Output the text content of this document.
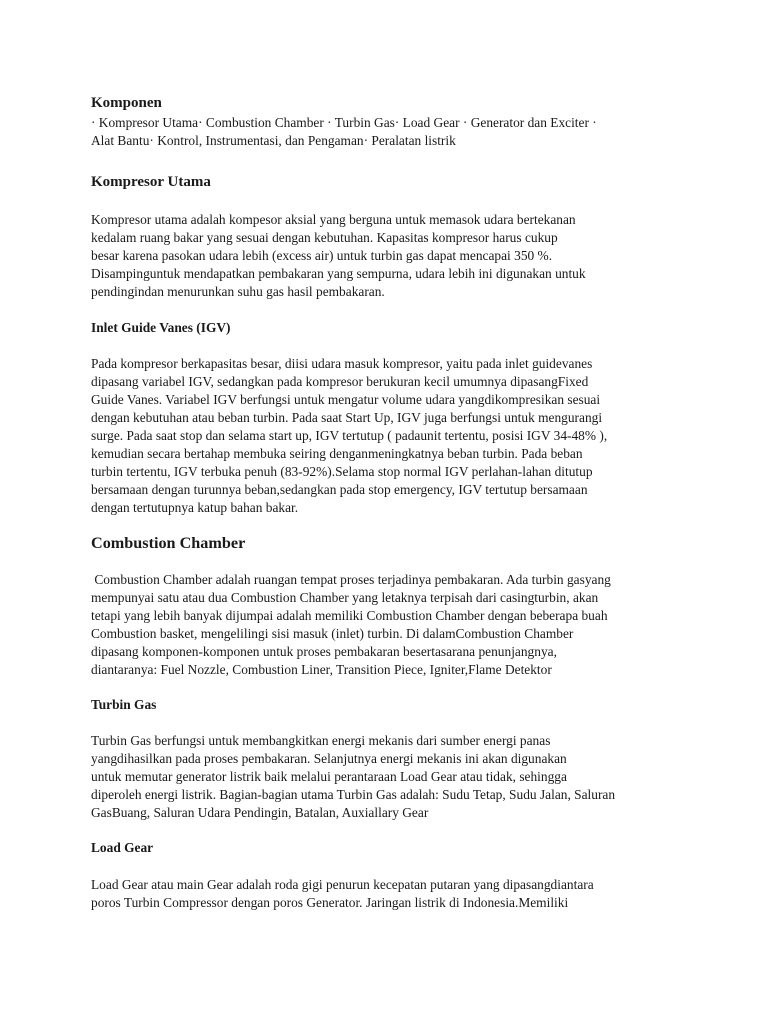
Komponen
· Kompresor Utama· Combustion Chamber · Turbin Gas· Load Gear · Generator dan Exciter ·
Alat Bantu· Kontrol, Instrumentasi, dan Pengaman· Peralatan listrik
Kompresor Utama
Kompresor utama adalah kompesor aksial yang berguna untuk memasok udara bertekanan
kedalam ruang bakar yang sesuai dengan kebutuhan. Kapasitas kompresor harus cukup
besar karena pasokan udara lebih (excess air) untuk turbin gas dapat mencapai 350 %.
Disampinguntuk mendapatkan pembakaran yang sempurna, udara lebih ini digunakan untuk
pendingindan menurunkan suhu gas hasil pembakaran.
Inlet Guide Vanes (IGV)
Pada kompresor berkapasitas besar, diisi udara masuk kompresor, yaitu pada inlet guidevanes
dipasang variabel IGV, sedangkan pada kompresor berukuran kecil umumnya dipasangFixed
Guide Vanes. Variabel IGV berfungsi untuk mengatur volume udara yangdikompresikan sesuai
dengan kebutuhan atau beban turbin. Pada saat Start Up, IGV juga berfungsi untuk mengurangi
surge. Pada saat stop dan selama start up, IGV tertutup ( padaunit tertentu, posisi IGV 34-48% ),
kemudian secara bertahap membuka seiring denganmeningkatnya beban turbin. Pada beban
turbin tertentu, IGV terbuka penuh (83-92%).Selama stop normal IGV perlahan-lahan ditutup
bersamaan dengan turunnya beban,sedangkan pada stop emergency, IGV tertutup bersamaan
dengan tertutupnya katup bahan bakar.
Combustion Chamber
Combustion Chamber adalah ruangan tempat proses terjadinya pembakaran. Ada turbin gasyang
mempunyai satu atau dua Combustion Chamber yang letaknya terpisah dari casingturbin, akan
tetapi yang lebih banyak dijumpai adalah memiliki Combustion Chamber dengan beberapa buah
Combustion basket, mengelilingi sisi masuk (inlet) turbin. Di dalamCombustion Chamber
dipasang komponen-komponen untuk proses pembakaran besertasarana penunjangnya,
diantaranya: Fuel Nozzle, Combustion Liner, Transition Piece, Igniter,Flame Detektor
Turbin Gas
Turbin Gas berfungsi untuk membangkitkan energi mekanis dari sumber energi panas
yangdihasilkan pada proses pembakaran. Selanjutnya energi mekanis ini akan digunakan
untuk memutar generator listrik baik melalui perantaraan Load Gear atau tidak, sehingga
diperoleh energi listrik. Bagian-bagian utama Turbin Gas adalah: Sudu Tetap, Sudu Jalan, Saluran
GasBuang, Saluran Udara Pendingin, Batalan, Auxiallary Gear
Load Gear
Load Gear atau main Gear adalah roda gigi penurun kecepatan putaran yang dipasangdiantara
poros Turbin Compressor dengan poros Generator. Jaringan listrik di Indonesia.Memiliki
